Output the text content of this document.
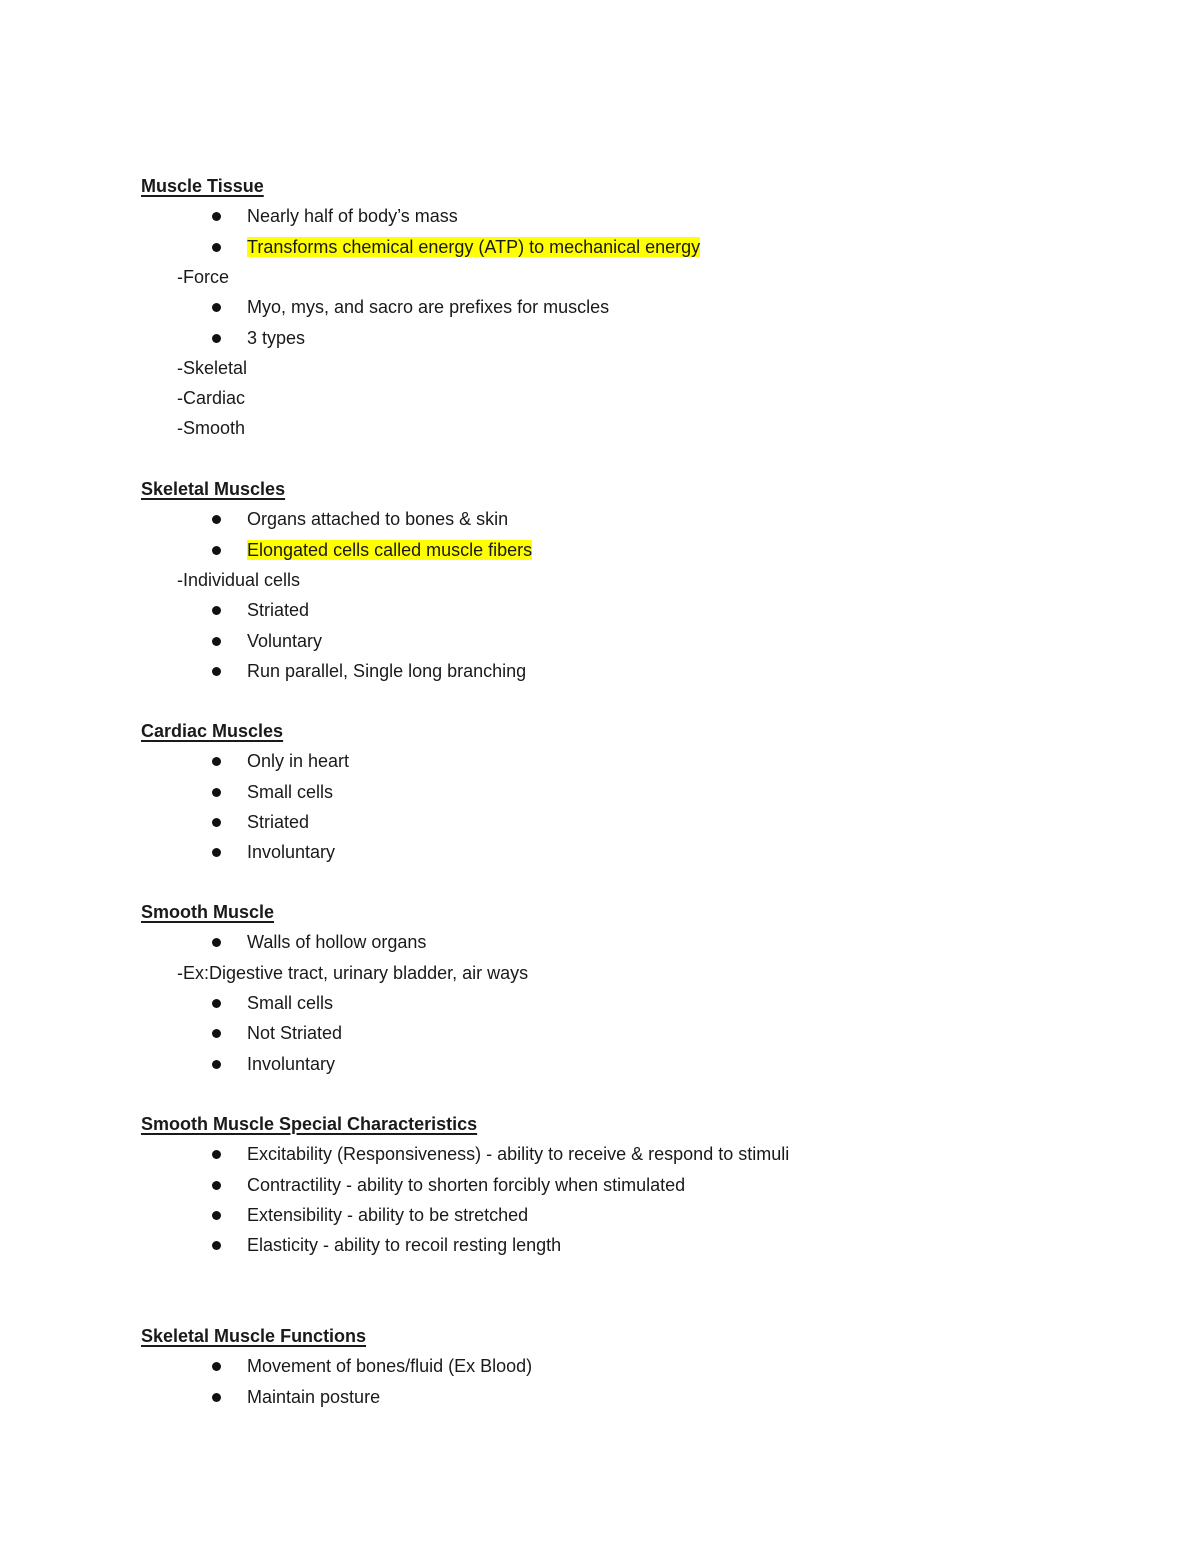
Muscle Tissue
Nearly half of body’s mass
Transforms chemical energy (ATP) to mechanical energy
-Force
Myo, mys, and sacro are prefixes for muscles
3 types
-Skeletal
-Cardiac
-Smooth
Skeletal Muscles
Organs attached to bones & skin
Elongated cells called muscle fibers
-Individual cells
Striated
Voluntary
Run parallel, Single long branching
Cardiac Muscles
Only in heart
Small cells
Striated
Involuntary
Smooth Muscle
Walls of hollow organs
-Ex:Digestive tract, urinary bladder, air ways
Small cells
Not Striated
Involuntary
Smooth Muscle Special Characteristics
Excitability (Responsiveness) - ability to receive & respond to stimuli
Contractility - ability to shorten forcibly when stimulated
Extensibility - ability to be stretched
Elasticity - ability to recoil resting length
Skeletal Muscle Functions
Movement of bones/fluid (Ex Blood)
Maintain posture
